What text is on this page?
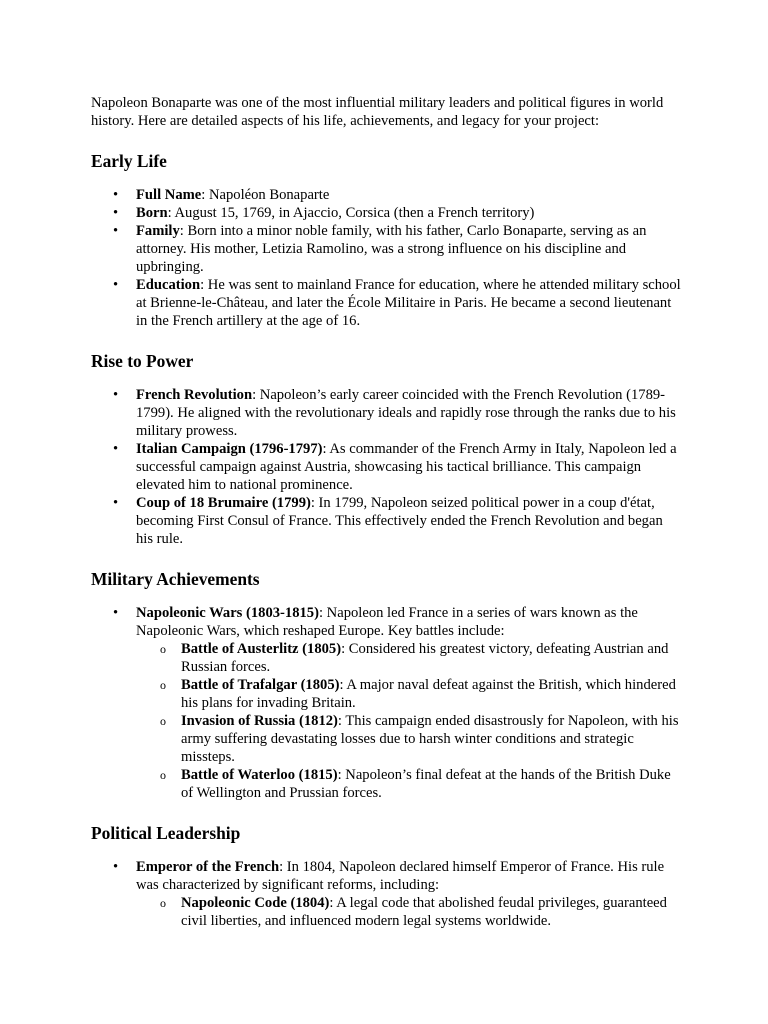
Napoleon Bonaparte was one of the most influential military leaders and political figures in world history. Here are detailed aspects of his life, achievements, and legacy for your project:

Early Life
•	Full Name: Napoléon Bonaparte
•	Born: August 15, 1769, in Ajaccio, Corsica (then a French territory)
•	Family: Born into a minor noble family, with his father, Carlo Bonaparte, serving as an attorney. His mother, Letizia Ramolino, was a strong influence on his discipline and upbringing.
•	Education: He was sent to mainland France for education, where he attended military school at Brienne-le-Château, and later the École Militaire in Paris. He became a second lieutenant in the French artillery at the age of 16.
Rise to Power
•	French Revolution: Napoleon’s early career coincided with the French Revolution (1789-1799). He aligned with the revolutionary ideals and rapidly rose through the ranks due to his military prowess.
•	Italian Campaign (1796-1797): As commander of the French Army in Italy, Napoleon led a successful campaign against Austria, showcasing his tactical brilliance. This campaign elevated him to national prominence.
•	Coup of 18 Brumaire (1799): In 1799, Napoleon seized political power in a coup d'état, becoming First Consul of France. This effectively ended the French Revolution and began his rule.
Military Achievements
•	Napoleonic Wars (1803-1815): Napoleon led France in a series of wars known as the Napoleonic Wars, which reshaped Europe. Key battles include:
o Battle of Austerlitz (1805): Considered his greatest victory, defeating Austrian and Russian forces.
o Battle of Trafalgar (1805): A major naval defeat against the British, which hindered his plans for invading Britain.
o Invasion of Russia (1812): This campaign ended disastrously for Napoleon, with his army suffering devastating losses due to harsh winter conditions and strategic missteps.
o Battle of Waterloo (1815): Napoleon’s final defeat at the hands of the British Duke of Wellington and Prussian forces.
Political Leadership
•	Emperor of the French: In 1804, Napoleon declared himself Emperor of France. His rule was characterized by significant reforms, including:
o Napoleonic Code (1804): A legal code that abolished feudal privileges, guaranteed civil liberties, and influenced modern legal systems worldwide.
